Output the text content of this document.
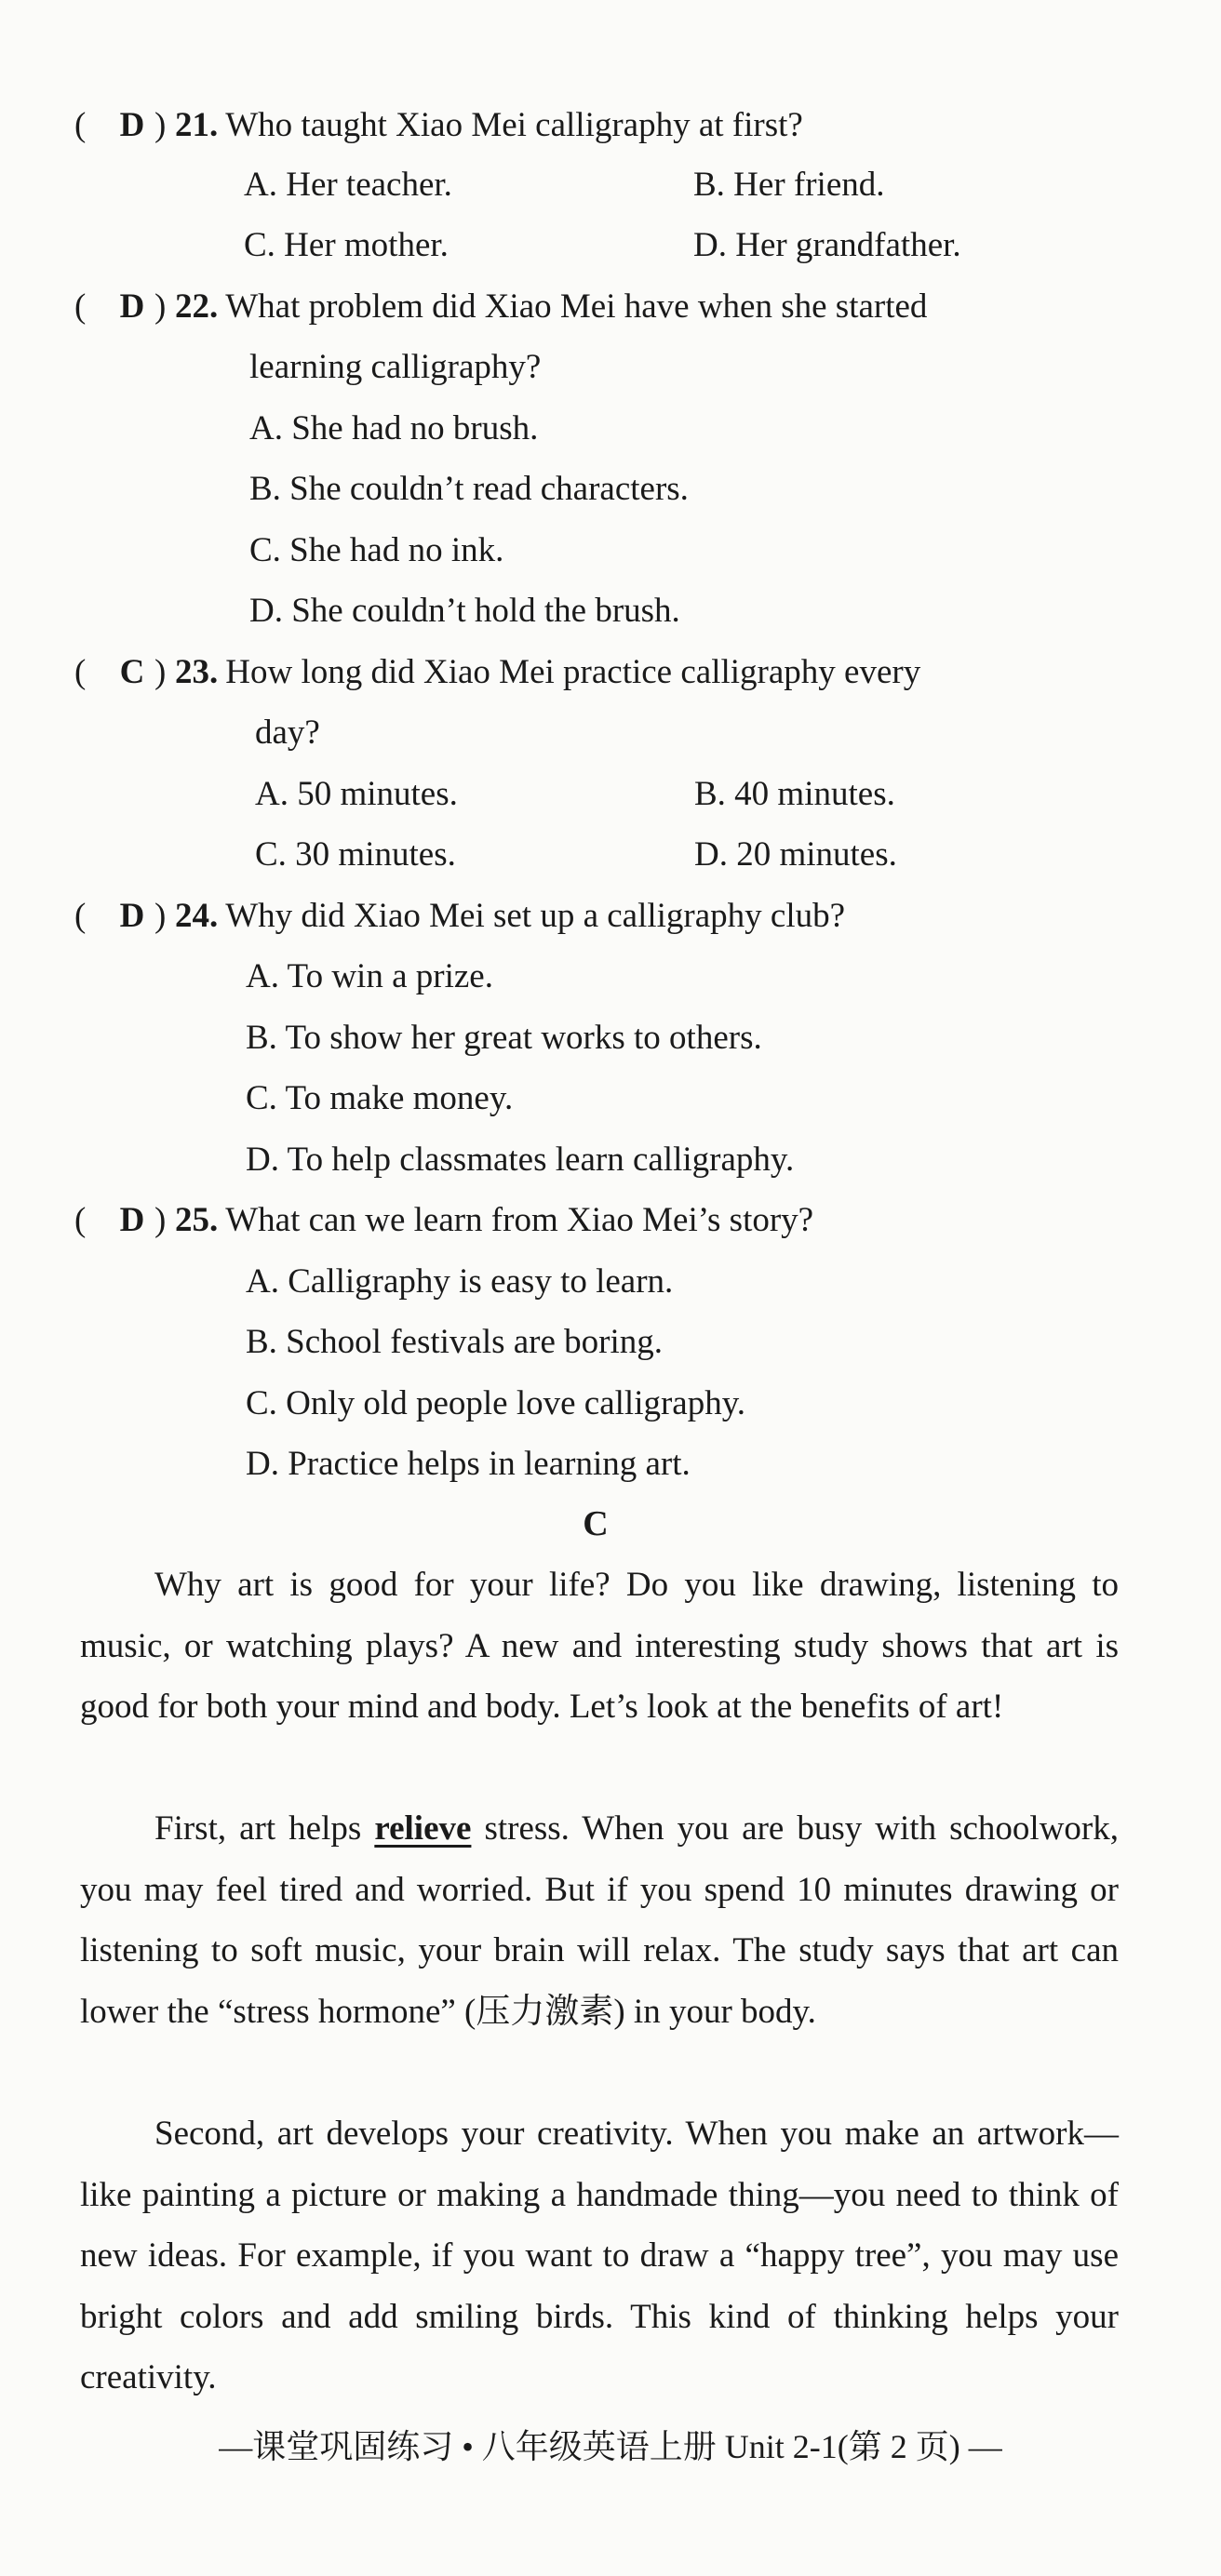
( D ) 21. Who taught Xiao Mei calligraphy at first?
A. Her teacher.	B. Her friend.
C. Her mother.	D. Her grandfather.
( D ) 22. What problem did Xiao Mei have when she started
learning calligraphy?
A. She had no brush.
B. She couldn’t read characters.
C. She had no ink.
D. She couldn’t hold the brush.
( C ) 23. How long did Xiao Mei practice calligraphy every
day?
A. 50 minutes.	B. 40 minutes.
C. 30 minutes.	D. 20 minutes.
( D ) 24. Why did Xiao Mei set up a calligraphy club?
A. To win a prize.
B. To show her great works to others.
C. To make money.
D. To help classmates learn calligraphy.
( D ) 25. What can we learn from Xiao Mei’s story?
A. Calligraphy is easy to learn.
B. School festivals are boring.
C. Only old people love calligraphy.
D. Practice helps in learning art.
C

Why art is good for your life? Do you like drawing, listening to music, or watching plays? A new and interesting study shows that art is good for both your mind and body. Let’s look at the benefits of art!

First, art helps relieve stress. When you are busy with schoolwork, you may feel tired and worried. But if you spend 10 minutes drawing or listening to soft music, your brain will relax. The study says that art can lower the “stress hormone” (压力激素) in your body.

Second, art develops your creativity. When you make an artwork—like painting a picture or making a handmade thing—you need to think of new ideas. For example, if you want to draw a “happy tree”, you may use bright colors and add smiling birds. This kind of thinking helps your creativity.

—课堂巩固练习 • 八年级英语上册 Unit 2-1(第 2 页) —
